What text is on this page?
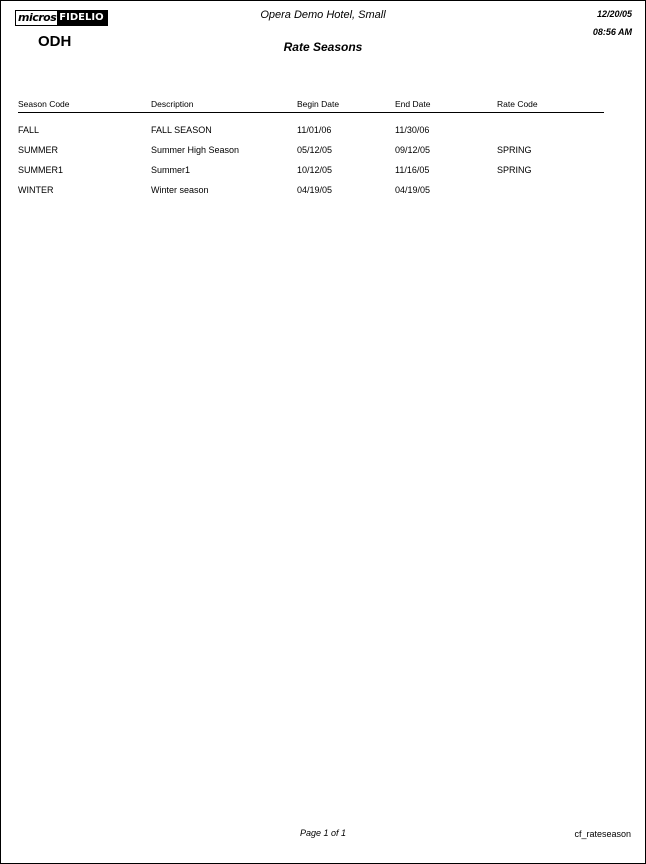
micros FIDELIO
ODH
Opera Demo Hotel, Small
Rate Seasons
12/20/05
08:56 AM
Season Code	Description	Begin Date	End Date	Rate Code
FALL	FALL SEASON	11/01/06	11/30/06
SUMMER	Summer High Season	05/12/05	09/12/05	SPRING
SUMMER1	Summer1	10/12/05	11/16/05	SPRING
WINTER	Winter season	04/19/05	04/19/05
Page 1 of 1	cf_rateseason
